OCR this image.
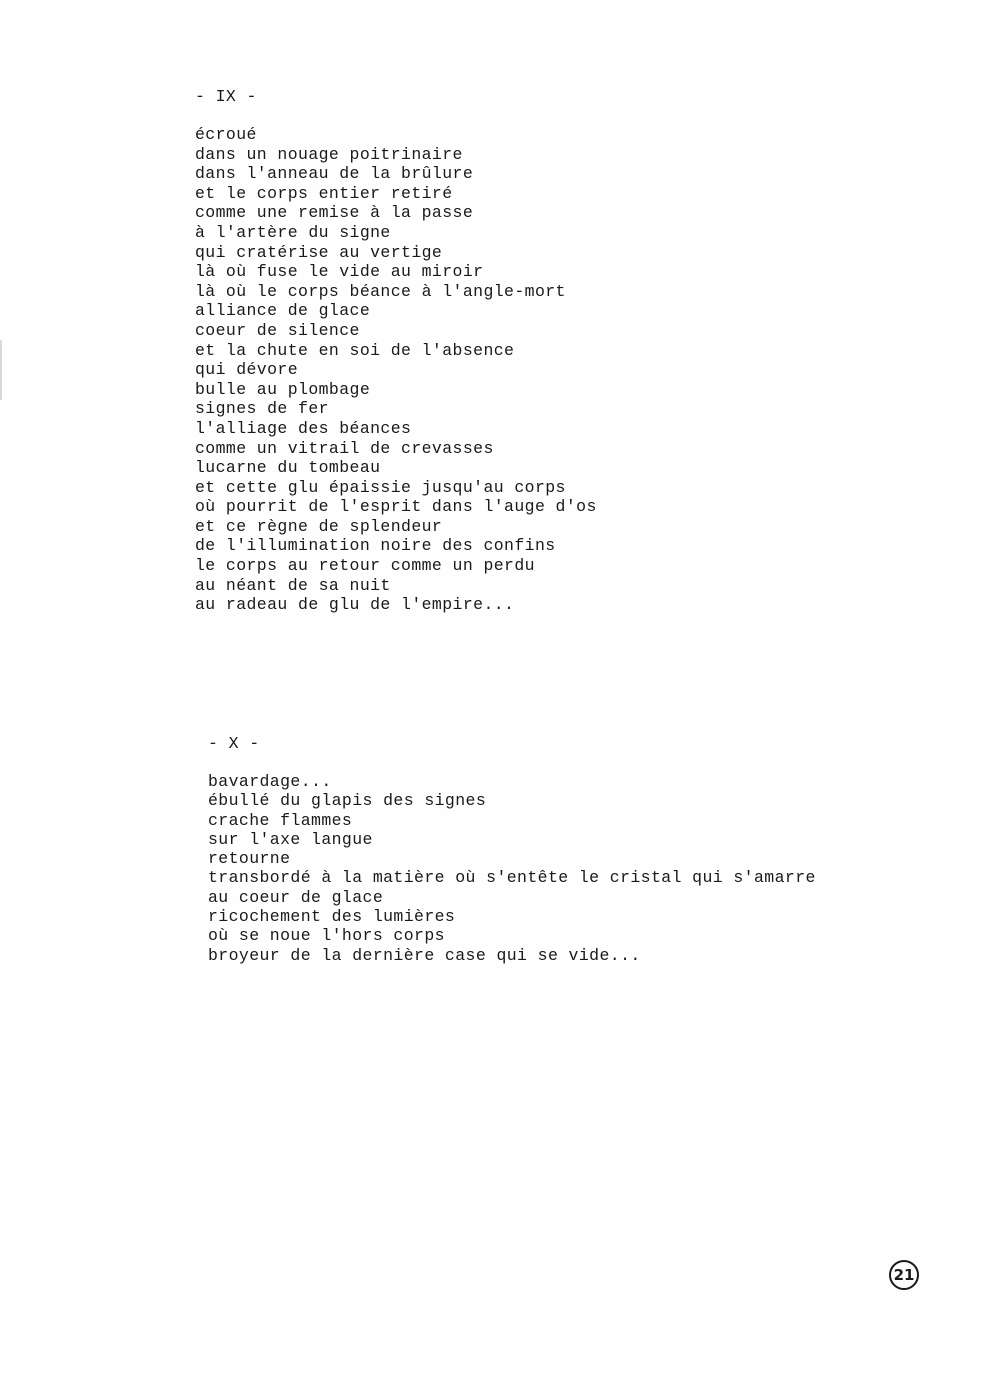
- IX -
écroué
dans un nouage poitrinaire
dans l'anneau de la brûlure
et le corps entier retiré
comme une remise à la passe
à l'artère du signe
qui cratérise au vertige
là où fuse le vide au miroir
là où le corps béance à l'angle-mort
alliance de glace
coeur de silence
et la chute en soi de l'absence
qui dévore
bulle au plombage
signes de fer
l'alliage des béances
comme un vitrail de crevasses
lucarne du tombeau
et cette glu épaissie jusqu'au corps
où pourrit de l'esprit dans l'auge d'os
et ce règne de splendeur
de l'illumination noire des confins
le corps au retour comme un perdu
au néant de sa nuit
au radeau de glu de l'empire...
- X -
bavardage...
ébullé du glapis des signes
crache flammes
sur l'axe langue
retourne
transbordé à la matière où s'entête le cristal qui s'amarre
au coeur de glace
ricochement des lumières
où se noue l'hors corps
broyeur de la dernière case qui se vide...
21
